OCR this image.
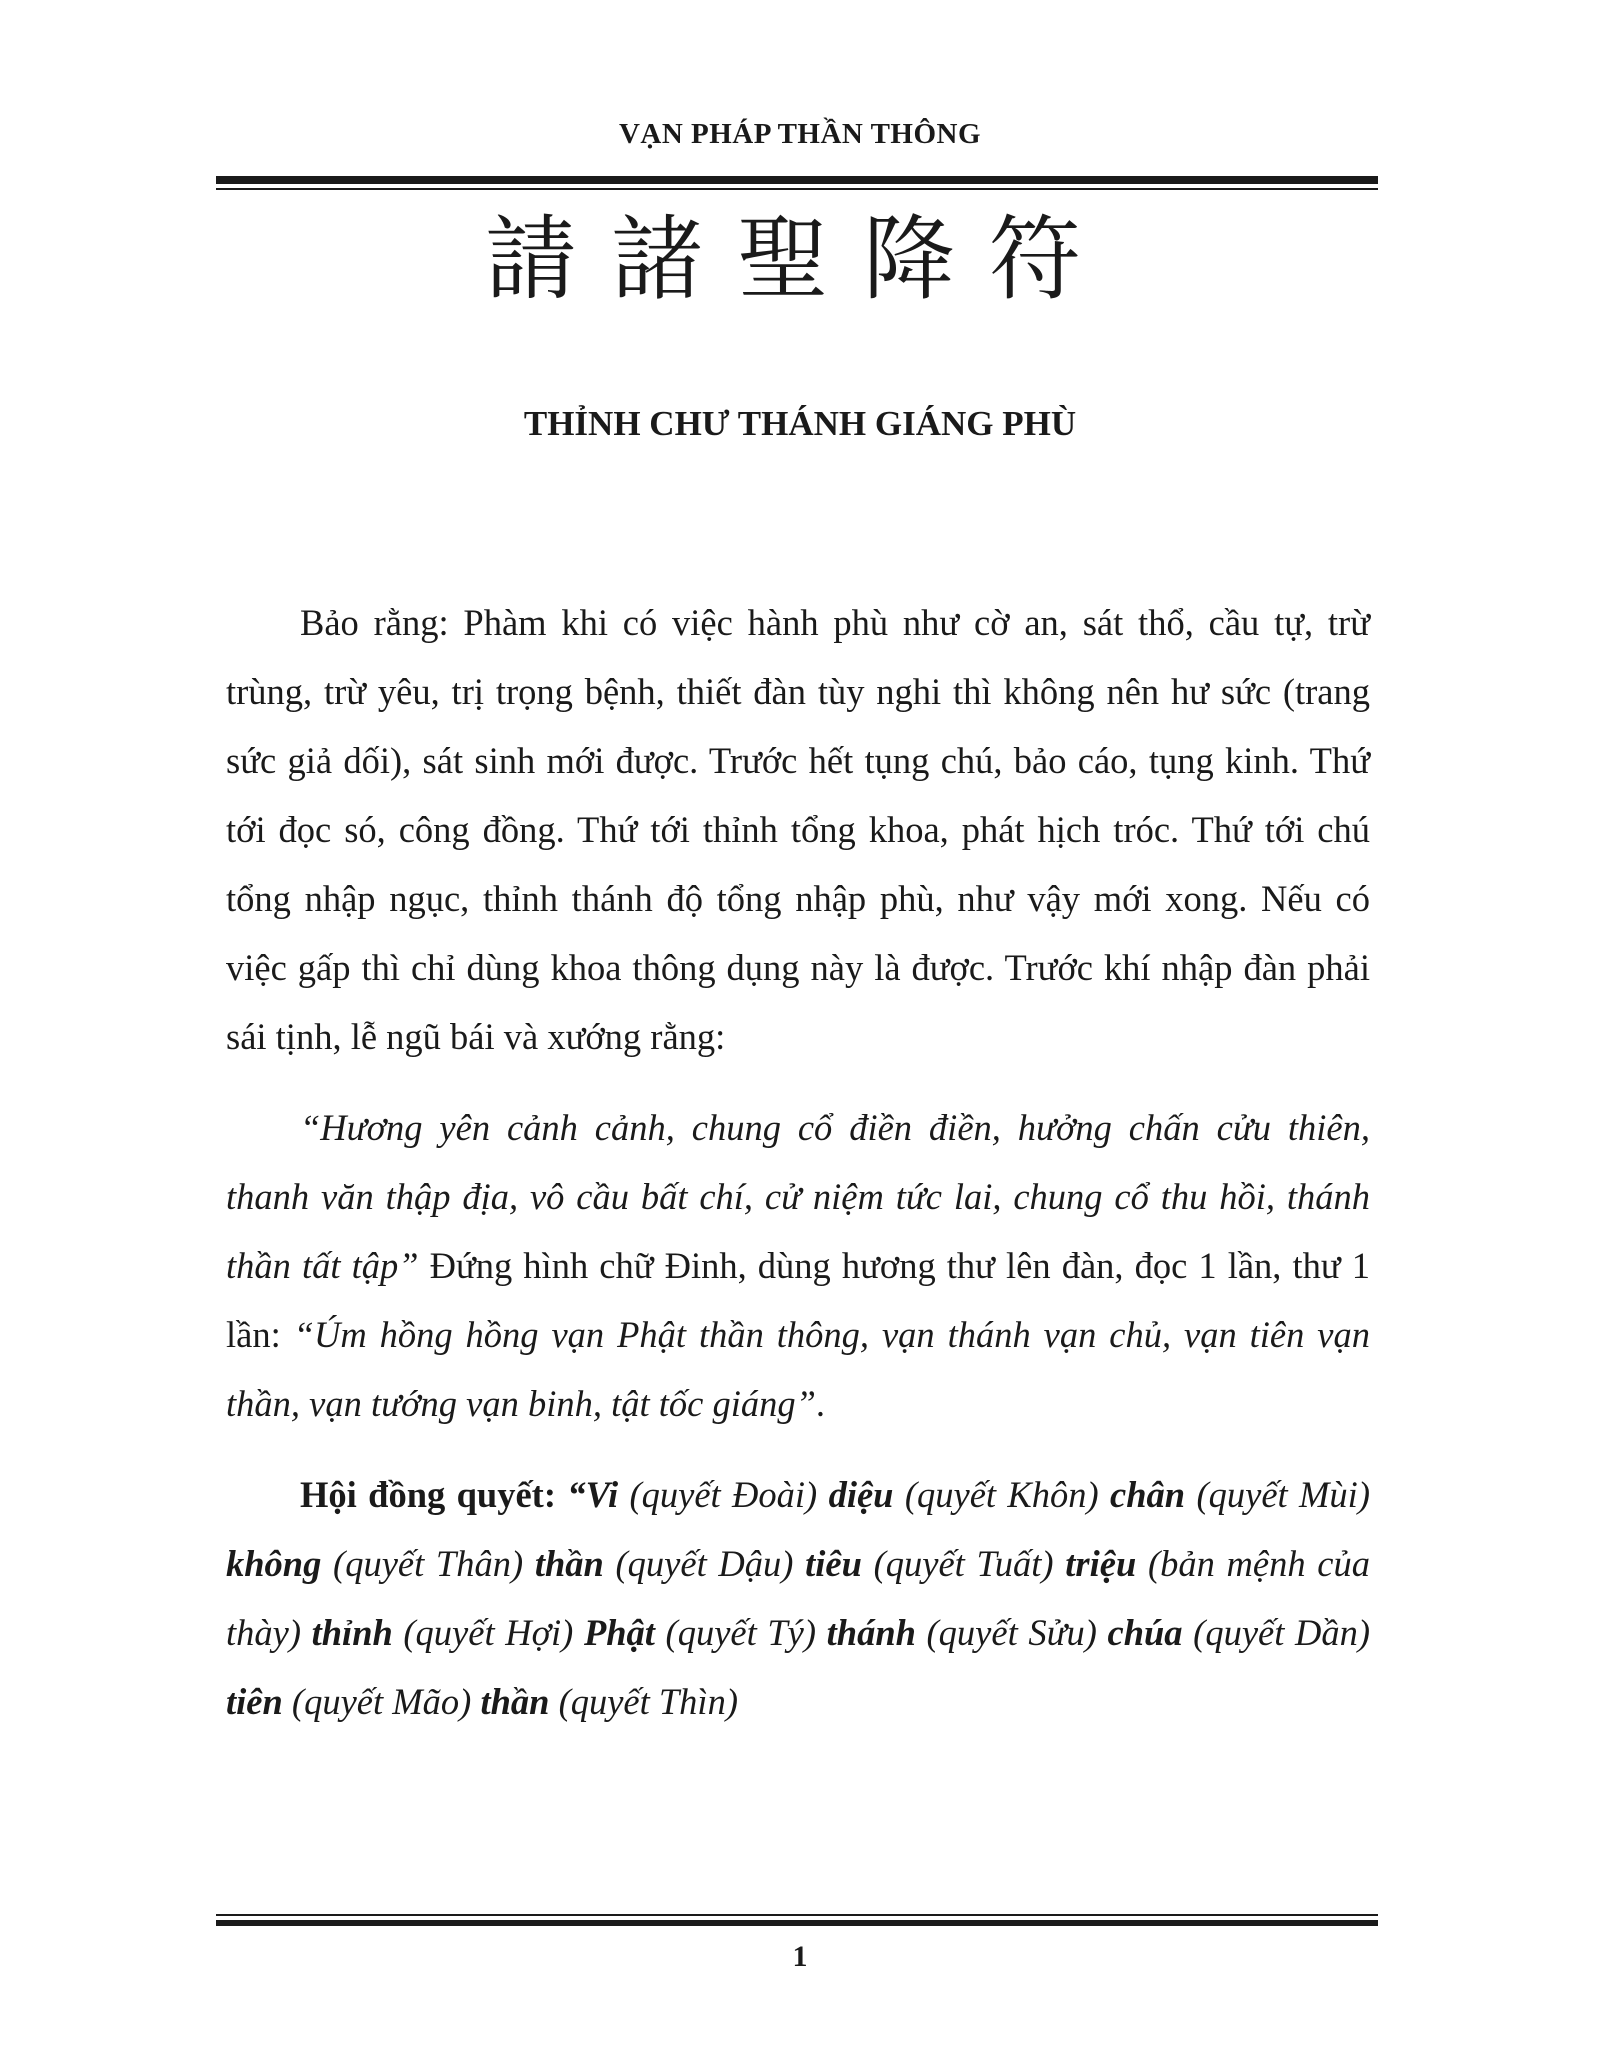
VẠN PHÁP THẦN THÔNG
請諸聖降符
THỈNH CHƯ THÁNH GIÁNG PHÙ

Bảo rằng: Phàm khi có việc hành phù như cờ an, sát thổ, cầu tự, trừ trùng, trừ yêu, trị trọng bệnh, thiết đàn tùy nghi thì không nên hư sức (trang sức giả dối), sát sinh mới được. Trước hết tụng chú, bảo cáo, tụng kinh. Thứ tới đọc só, công đồng. Thứ tới thỉnh tổng khoa, phát hịch tróc. Thứ tới chú tổng nhập ngục, thỉnh thánh độ tổng nhập phù, như vậy mới xong. Nếu có việc gấp thì chỉ dùng khoa thông dụng này là được. Trước khí nhập đàn phải sái tịnh, lễ ngũ bái và xướng rằng:

“Hương yên cảnh cảnh, chung cổ điền điền, hưởng chấn cửu thiên, thanh văn thập địa, vô cầu bất chí, cử niệm tức lai, chung cổ thu hồi, thánh thần tất tập” Đứng hình chữ Đinh, dùng hương thư lên đàn, đọc 1 lần, thư 1 lần: “Úm hồng hồng vạn Phật thần thông, vạn thánh vạn chủ, vạn tiên vạn thần, vạn tướng vạn binh, tật tốc giáng”.

Hội đồng quyết: “Vi (quyết Đoài) diệu (quyết Khôn) chân (quyết Mùi) không (quyết Thân) thần (quyết Dậu) tiêu (quyết Tuất) triệu (bản mệnh của thày) thỉnh (quyết Hợi) Phật (quyết Tý) thánh (quyết Sửu) chúa (quyết Dần) tiên (quyết Mão) thần (quyết Thìn)

1
